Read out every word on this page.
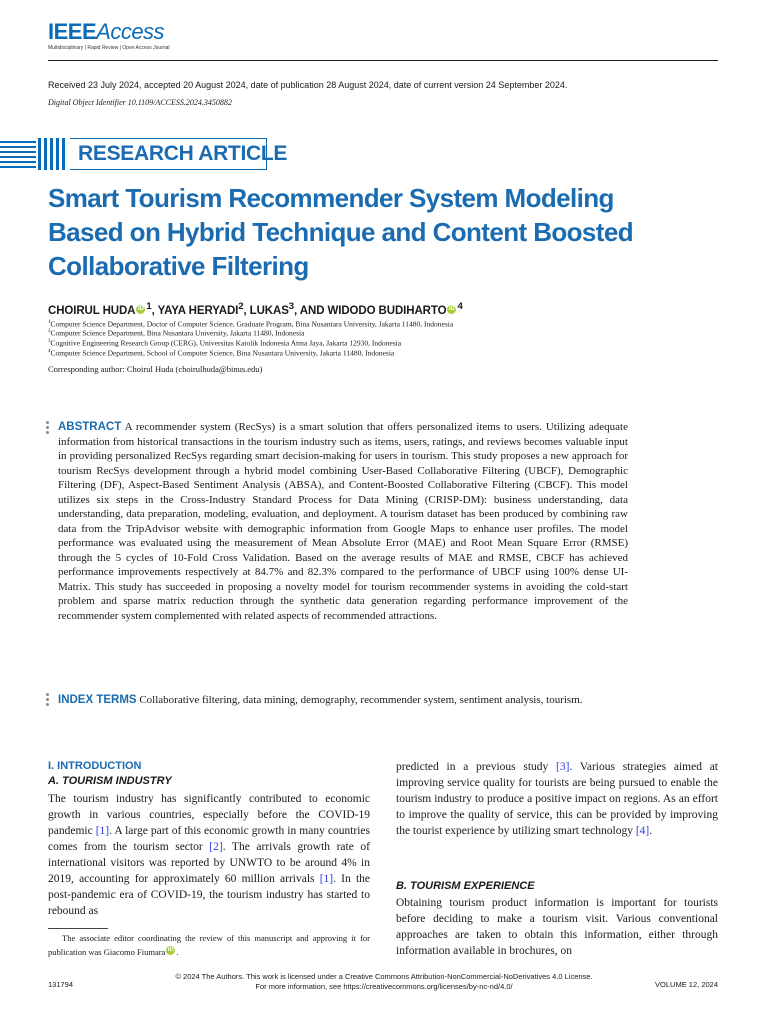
IEEEAccess
Multidisciplinary | Rapid Review | Open Access Journal
Received 23 July 2024, accepted 20 August 2024, date of publication 28 August 2024, date of current version 24 September 2024.
Digital Object Identifier 10.1109/ACCESS.2024.3450882
RESEARCH ARTICLE
Smart Tourism Recommender System Modeling Based on Hybrid Technique and Content Boosted Collaborative Filtering
CHOIRUL HUDA iD $^1$, YAYA HERYADI$^2$, LUKAS$^3$, AND WIDODO BUDIHARTO iD $^4$
$^1$Computer Science Department, Doctor of Computer Science, Graduate Program, Bina Nusantara University, Jakarta 11480, Indonesia
$^2$Computer Science Department, Bina Nusantara University, Jakarta 11480, Indonesia
$^3$Cognitive Engineering Research Group (CERG), Universitas Katolik Indonesia Atma Jaya, Jakarta 12930, Indonesia
$^4$Computer Science Department, School of Computer Science, Bina Nusantara University, Jakarta 11480, Indonesia
Corresponding author: Choirul Huda (choirulhuda@binus.edu)
ABSTRACT A recommender system (RecSys) is a smart solution that offers personalized items to users. Utilizing adequate information from historical transactions in the tourism industry such as items, users, ratings, and reviews becomes valuable input in providing personalized RecSys regarding smart decision-making for users in tourism. This study proposes a new approach for tourism RecSys development through a hybrid model combining User-Based Collaborative Filtering (UBCF), Demographic Filtering (DF), Aspect-Based Sentiment Analysis (ABSA), and Content-Boosted Collaborative Filtering (CBCF). This model utilizes six steps in the Cross-Industry Standard Process for Data Mining (CRISP-DM): business understanding, data understanding, data preparation, modeling, evaluation, and deployment. A tourism dataset has been produced by combining raw data from the TripAdvisor website with demographic information from Google Maps to enhance user profiles. The model performance was evaluated using the measurement of Mean Absolute Error (MAE) and Root Mean Square Error (RMSE) through the 5 cycles of 10-Fold Cross Validation. Based on the average results of MAE and RMSE, CBCF has achieved performance improvements respectively at 84.7% and 82.3% compared to the performance of UBCF using 100% dense UI-Matrix. This study has succeeded in proposing a novelty model for tourism recommender systems in avoiding the cold-start problem and sparse matrix reduction through the synthetic data generation regarding performance improvement of the recommender system complemented with related aspects of recommended attractions.
INDEX TERMS Collaborative filtering, data mining, demography, recommender system, sentiment analysis, tourism.
I. INTRODUCTION
A. TOURISM INDUSTRY
The tourism industry has significantly contributed to economic growth in various countries, especially before the COVID-19 pandemic [1]. A large part of this economic growth in many countries comes from the tourism sector [2]. The arrivals growth rate of international visitors was reported by UNWTO to be around 4% in 2019, accounting for approximately 60 million arrivals [1]. In the post-pandemic era of COVID-19, the tourism industry has started to rebound as
The associate editor coordinating the review of this manuscript and approving it for publication was Giacomo Fiumara iD .
predicted in a previous study [3]. Various strategies aimed at improving service quality for tourists are being pursued to enable the tourism industry to produce a positive impact on regions. As an effort to improve the quality of service, this can be provided by improving the tourist experience by utilizing smart technology [4].
B. TOURISM EXPERIENCE
Obtaining tourism product information is important for tourists before deciding to make a tourism visit. Various conventional approaches are taken to obtain this information, either through information available in brochures, on
131794
© 2024 The Authors. This work is licensed under a Creative Commons Attribution-NonCommercial-NoDerivatives 4.0 License.
For more information, see https://creativecommons.org/licenses/by-nc-nd/4.0/	VOLUME 12, 2024
